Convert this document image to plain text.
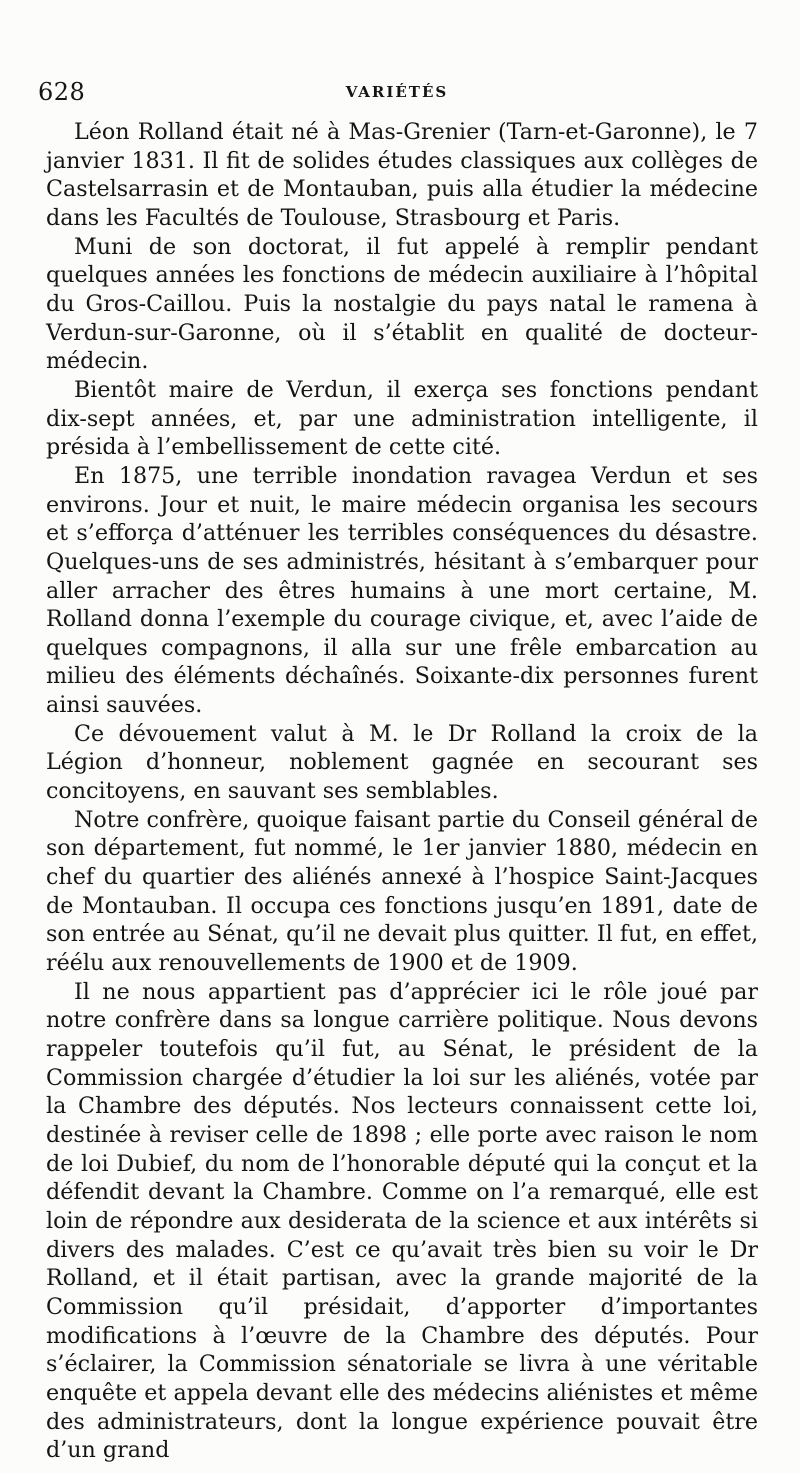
628	VARIÉTÉS

Léon Rolland était né à Mas-Grenier (Tarn-et-Garonne), le 7 janvier 1831. Il fit de solides études classiques aux collèges de Castelsarrasin et de Montauban, puis alla étudier la médecine dans les Facultés de Toulouse, Strasbourg et Paris.

Muni de son doctorat, il fut appelé à remplir pendant quelques années les fonctions de médecin auxiliaire à l’hôpital du Gros-Caillou. Puis la nostalgie du pays natal le ramena à Verdun-sur-Garonne, où il s’établit en qualité de docteur-médecin.

Bientôt maire de Verdun, il exerça ses fonctions pendant dix-sept années, et, par une administration intelligente, il présida à l’embellissement de cette cité.

En 1875, une terrible inondation ravagea Verdun et ses environs. Jour et nuit, le maire médecin organisa les secours et s’efforça d’atténuer les terribles conséquences du désastre. Quelques-uns de ses administrés, hésitant à s’embarquer pour aller arracher des êtres humains à une mort certaine, M. Rolland donna l’exemple du courage civique, et, avec l’aide de quelques compagnons, il alla sur une frêle embarcation au milieu des éléments déchaînés. Soixante-dix personnes furent ainsi sauvées.

Ce dévouement valut à M. le Dr Rolland la croix de la Légion d’honneur, noblement gagnée en secourant ses concitoyens, en sauvant ses semblables.

Notre confrère, quoique faisant partie du Conseil général de son département, fut nommé, le 1er janvier 1880, médecin en chef du quartier des aliénés annexé à l’hospice Saint-Jacques de Montauban. Il occupa ces fonctions jusqu’en 1891, date de son entrée au Sénat, qu’il ne devait plus quitter. Il fut, en effet, réélu aux renouvellements de 1900 et de 1909.

Il ne nous appartient pas d’apprécier ici le rôle joué par notre confrère dans sa longue carrière politique. Nous devons rappeler toutefois qu’il fut, au Sénat, le président de la Commission chargée d’étudier la loi sur les aliénés, votée par la Chambre des députés. Nos lecteurs connaissent cette loi, destinée à reviser celle de 1898 ; elle porte avec raison le nom de loi Dubief, du nom de l’honorable député qui la conçut et la défendit devant la Chambre. Comme on l’a remarqué, elle est loin de répondre aux desiderata de la science et aux intérêts si divers des malades. C’est ce qu’avait très bien su voir le Dr Rolland, et il était partisan, avec la grande majorité de la Commission qu’il présidait, d’apporter d’importantes modifications à l’œuvre de la Chambre des députés. Pour s’éclairer, la Commission sénatoriale se livra à une véritable enquête et appela devant elle des médecins aliénistes et même des administrateurs, dont la longue expérience pouvait être d’un grand
